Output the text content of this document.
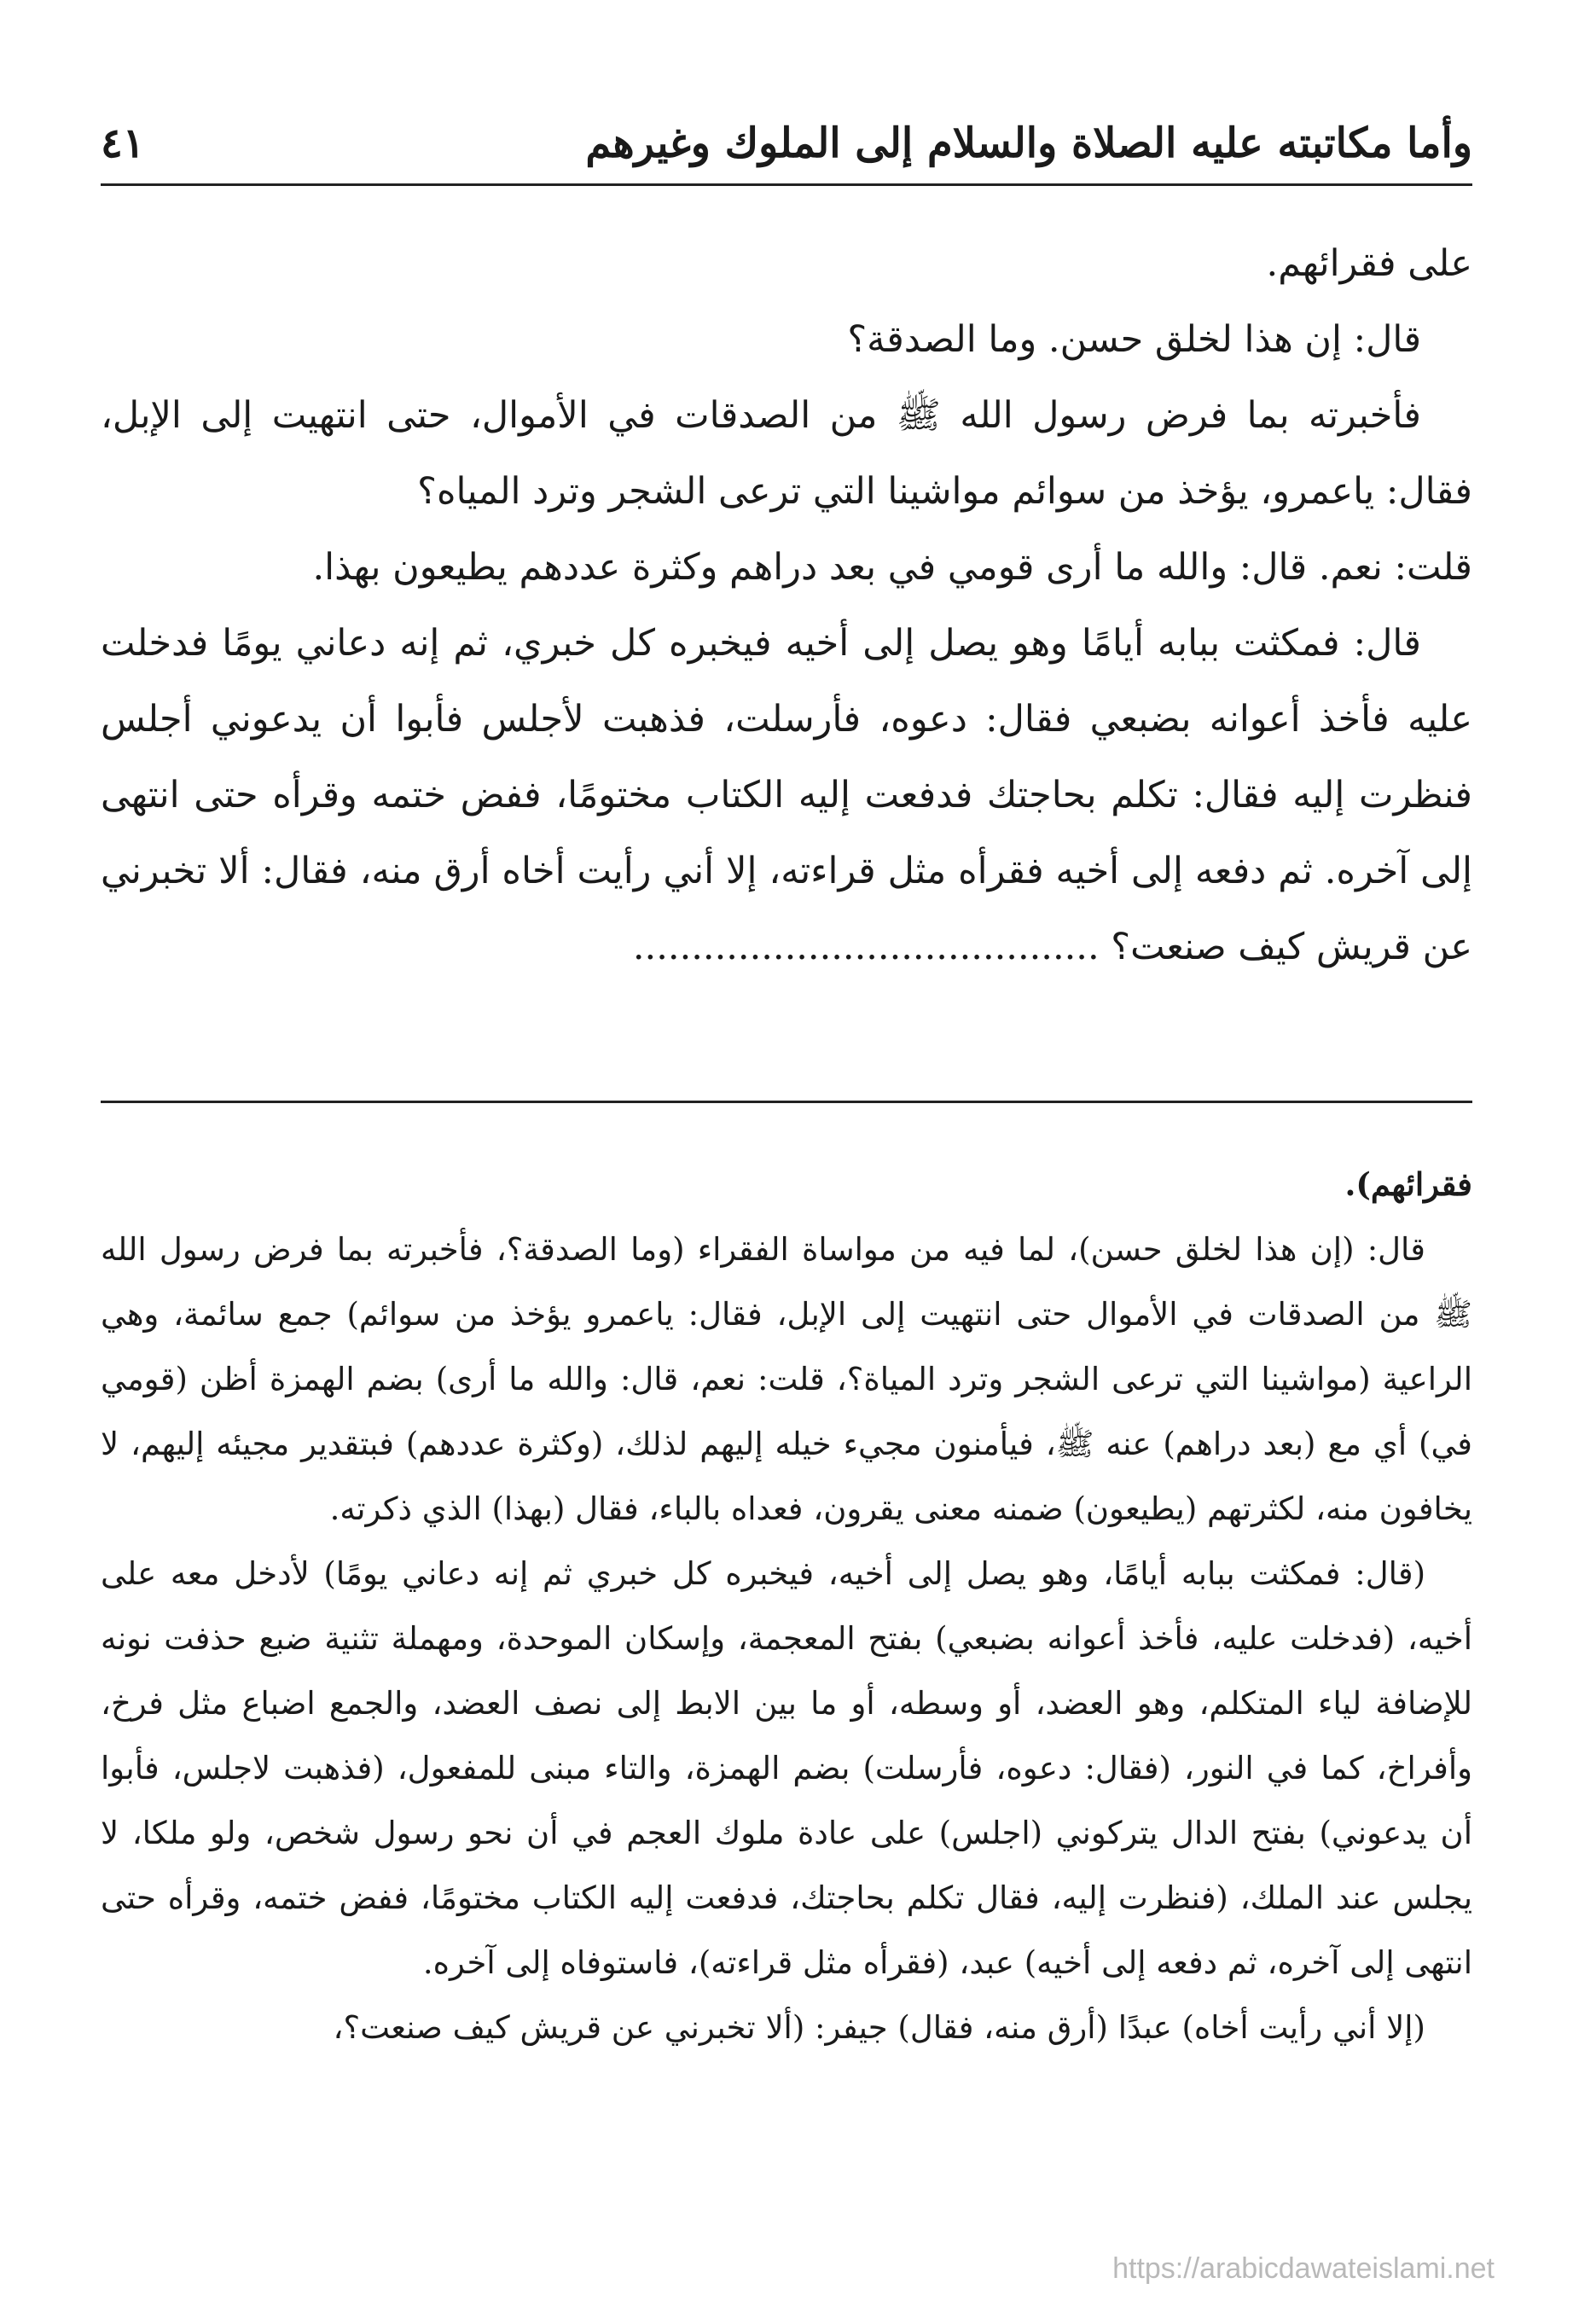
وأما مكاتبته عليه الصلاة والسلام إلى الملوك وغيرهم
٤١

على فقرائهم.

قال: إن هذا لخلق حسن. وما الصدقة؟

فأخبرته بما فرض رسول الله ﷺ من الصدقات في الأموال، حتى انتهيت إلى الإبل، فقال: ياعمرو، يؤخذ من سوائم مواشينا التي ترعى الشجر وترد المياه؟

قلت: نعم. قال: والله ما أرى قومي في بعد دراهم وكثرة عددهم يطيعون بهذا.

قال: فمكثت ببابه أيامًا وهو يصل إلى أخيه فيخبره كل خبري، ثم إنه دعاني يومًا فدخلت عليه فأخذ أعوانه بضبعي فقال: دعوه، فأرسلت، فذهبت لأجلس فأبوا أن يدعوني أجلس فنظرت إليه فقال: تكلم بحاجتك فدفعت إليه الكتاب مختومًا، ففض ختمه وقرأه حتى انتهى إلى آخره. ثم دفعه إلى أخيه فقرأه مثل قراءته، إلا أني رأيت أخاه أرق منه، فقال: ألا تخبرني عن قريش كيف صنعت؟ ........................................

فقرائهم).

قال: (إن هذا لخلق حسن)، لما فيه من مواساة الفقراء (وما الصدقة؟، فأخبرته بما فرض رسول الله ﷺ من الصدقات في الأموال حتى انتهيت إلى الإبل، فقال: ياعمرو يؤخذ من سوائم) جمع سائمة، وهي الراعية (مواشينا التي ترعى الشجر وترد المياة؟، قلت: نعم، قال: والله ما أرى) بضم الهمزة أظن (قومي في) أي مع (بعد دراهم) عنه ﷺ، فيأمنون مجيء خيله إليهم لذلك، (وكثرة عددهم) فبتقدير مجيئه إليهم، لا يخافون منه، لكثرتهم (يطيعون) ضمنه معنى يقرون، فعداه بالباء، فقال (بهذا) الذي ذكرته.

(قال: فمكثت ببابه أيامًا، وهو يصل إلى أخيه، فيخبره كل خبري ثم إنه دعاني يومًا) لأدخل معه على أخيه، (فدخلت عليه، فأخذ أعوانه بضبعي) بفتح المعجمة، وإسكان الموحدة، ومهملة تثنية ضبع حذفت نونه للإضافة لياء المتكلم، وهو العضد، أو وسطه، أو ما بين الابط إلى نصف العضد، والجمع اضباع مثل فرخ، وأفراخ، كما في النور، (فقال: دعوه، فأرسلت) بضم الهمزة، والتاء مبنى للمفعول، (فذهبت لاجلس، فأبوا أن يدعوني) بفتح الدال يتركوني (اجلس) على عادة ملوك العجم في أن نحو رسول شخص، ولو ملكا، لا يجلس عند الملك، (فنظرت إليه، فقال تكلم بحاجتك، فدفعت إليه الكتاب مختومًا، ففض ختمه، وقرأه حتى انتهى إلى آخره، ثم دفعه إلى أخيه) عبد، (فقرأه مثل قراءته)، فاستوفاه إلى آخره.

(إلا أني رأيت أخاه) عبدًا (أرق منه، فقال) جيفر: (ألا تخبرني عن قريش كيف صنعت؟،

https://arabicdawateislami.net
